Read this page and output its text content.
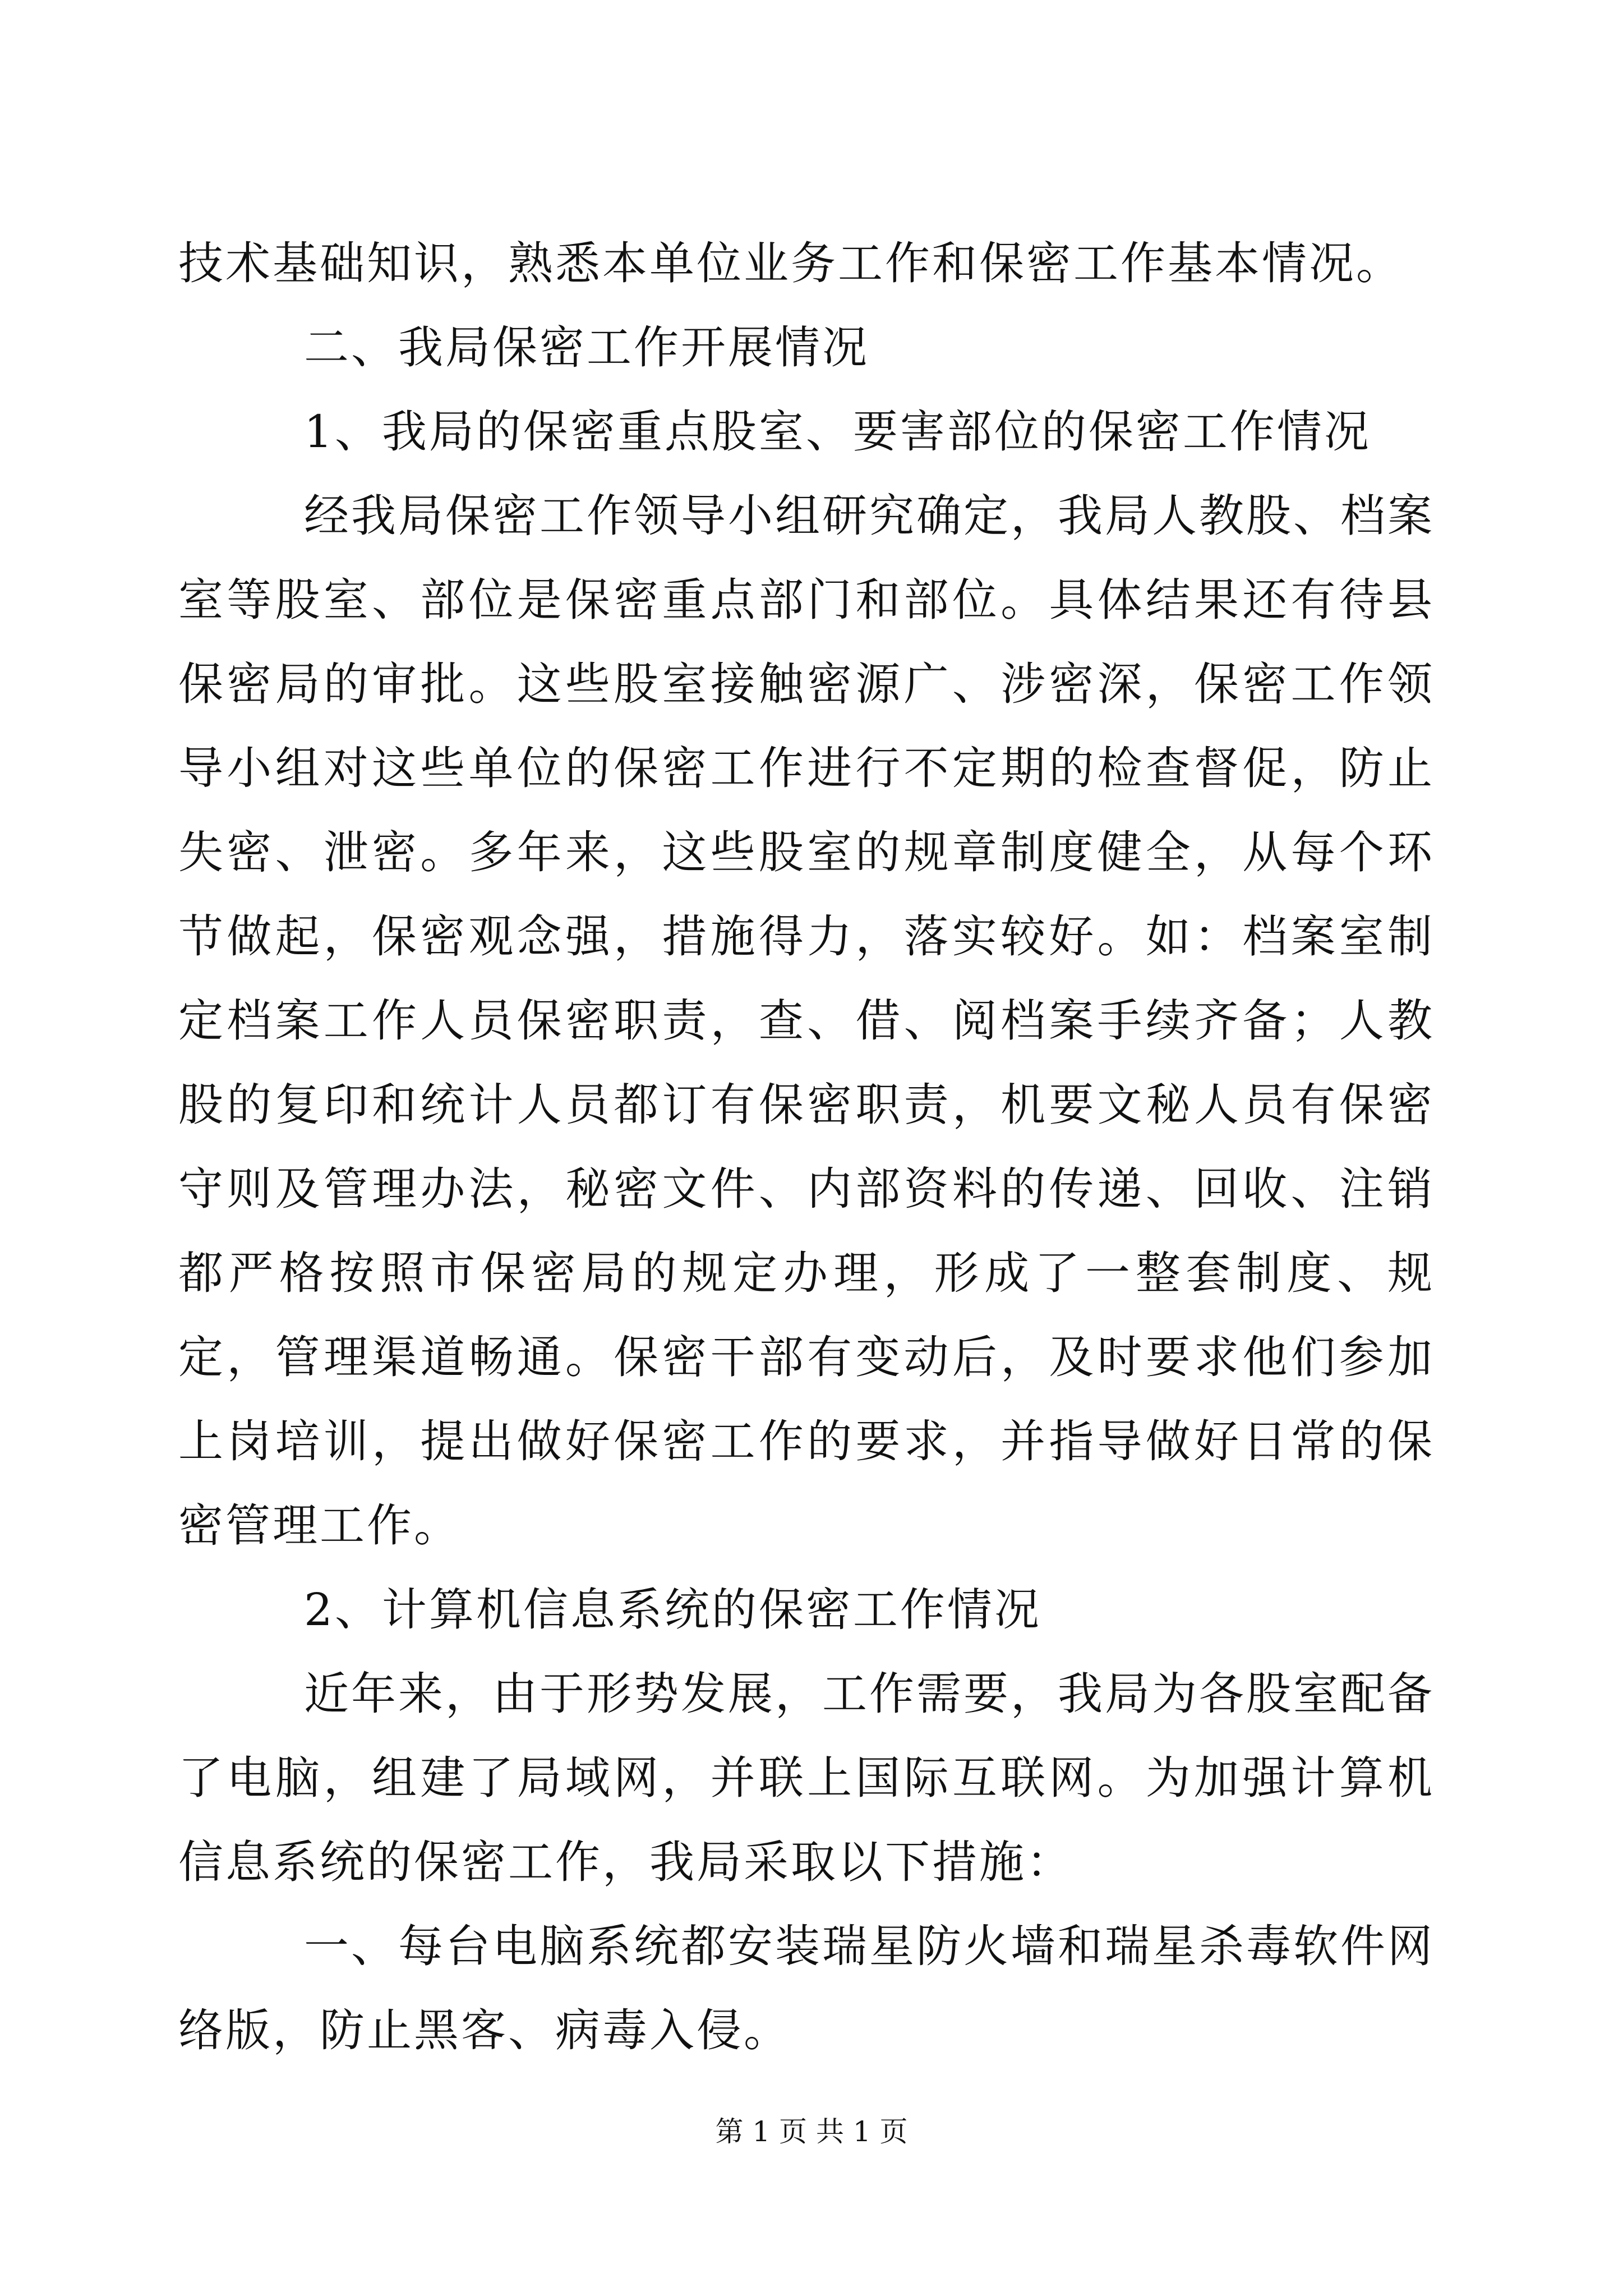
技术基础知识，熟悉本单位业务工作和保密工作基本情况。

二、我局保密工作开展情况

1、我局的保密重点股室、要害部位的保密工作情况

经我局保密工作领导小组研究确定，我局人教股、档案室等股室、部位是保密重点部门和部位。具体结果还有待县保密局的审批。这些股室接触密源广、涉密深，保密工作领导小组对这些单位的保密工作进行不定期的检查督促，防止失密、泄密。多年来，这些股室的规章制度健全，从每个环节做起，保密观念强，措施得力，落实较好。如：档案室制定档案工作人员保密职责，查、借、阅档案手续齐备；人教股的复印和统计人员都订有保密职责，机要文秘人员有保密守则及管理办法，秘密文件、内部资料的传递、回收、注销都严格按照市保密局的规定办理，形成了一整套制度、规定，管理渠道畅通。保密干部有变动后，及时要求他们参加上岗培训，提出做好保密工作的要求，并指导做好日常的保密管理工作。

2、计算机信息系统的保密工作情况

近年来，由于形势发展，工作需要，我局为各股室配备了电脑，组建了局域网，并联上国际互联网。为加强计算机信息系统的保密工作，我局采取以下措施：

一、每台电脑系统都安装瑞星防火墙和瑞星杀毒软件网络版，防止黑客、病毒入侵。

第 1 页 共 1 页
